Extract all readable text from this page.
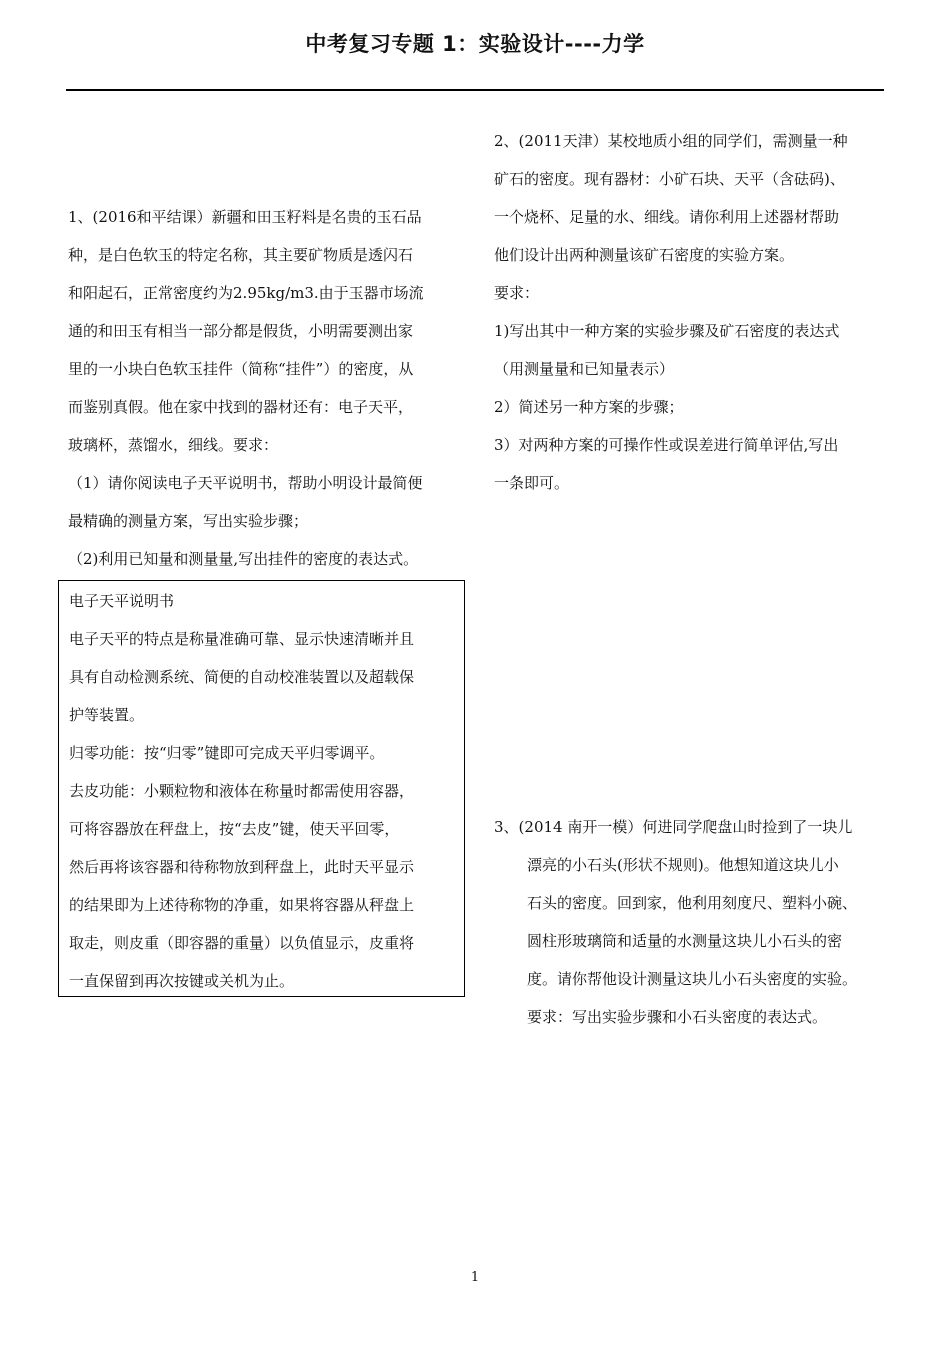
中考复习专题 1：实验设计----力学
1、(2016和平结课）新疆和田玉籽料是名贵的玉石品
种，是白色软玉的特定名称，其主要矿物质是透闪石
和阳起石，正常密度约为2.95kg/m3.由于玉器市场流
通的和田玉有相当一部分都是假货，小明需要测出家
里的一小块白色软玉挂件（简称“挂件”）的密度，从
而鉴别真假。他在家中找到的器材还有：电子天平，
玻璃杯，蒸馏水，细线。要求：
（1）请你阅读电子天平说明书，帮助小明设计最简便
最精确的测量方案，写出实验步骤；
（2)利用已知量和测量量,写出挂件的密度的表达式。
电子天平说明书
电子天平的特点是称量准确可靠、显示快速清晰并且
具有自动检测系统、简便的自动校准装置以及超载保
护等装置。
归零功能：按“归零”键即可完成天平归零调平。
去皮功能：小颗粒物和液体在称量时都需使用容器，
可将容器放在秤盘上，按“去皮”键，使天平回零，
然后再将该容器和待称物放到秤盘上，此时天平显示
的结果即为上述待称物的净重，如果将容器从秤盘上
取走，则皮重（即容器的重量）以负值显示，皮重将
一直保留到再次按键或关机为止。
2、(2011天津）某校地质小组的同学们，需测量一种
矿石的密度。现有器材：小矿石块、天平（含砝码)、
一个烧杯、足量的水、细线。请你利用上述器材帮助
他们设计出两种测量该矿石密度的实验方案。
要求：
1)写出其中一种方案的实验步骤及矿石密度的表达式
（用测量量和已知量表示）
2）简述另一种方案的步骤；
3）对两种方案的可操作性或误差进行简单评估,写出
一条即可。
3、(2014 南开一模）何进同学爬盘山时捡到了一块儿
漂亮的小石头(形状不规则)。他想知道这块儿小
石头的密度。回到家，他利用刻度尺、塑料小碗、
圆柱形玻璃筒和适量的水测量这块儿小石头的密
度。请你帮他设计测量这块儿小石头密度的实验。
要求：写出实验步骤和小石头密度的表达式。
1
